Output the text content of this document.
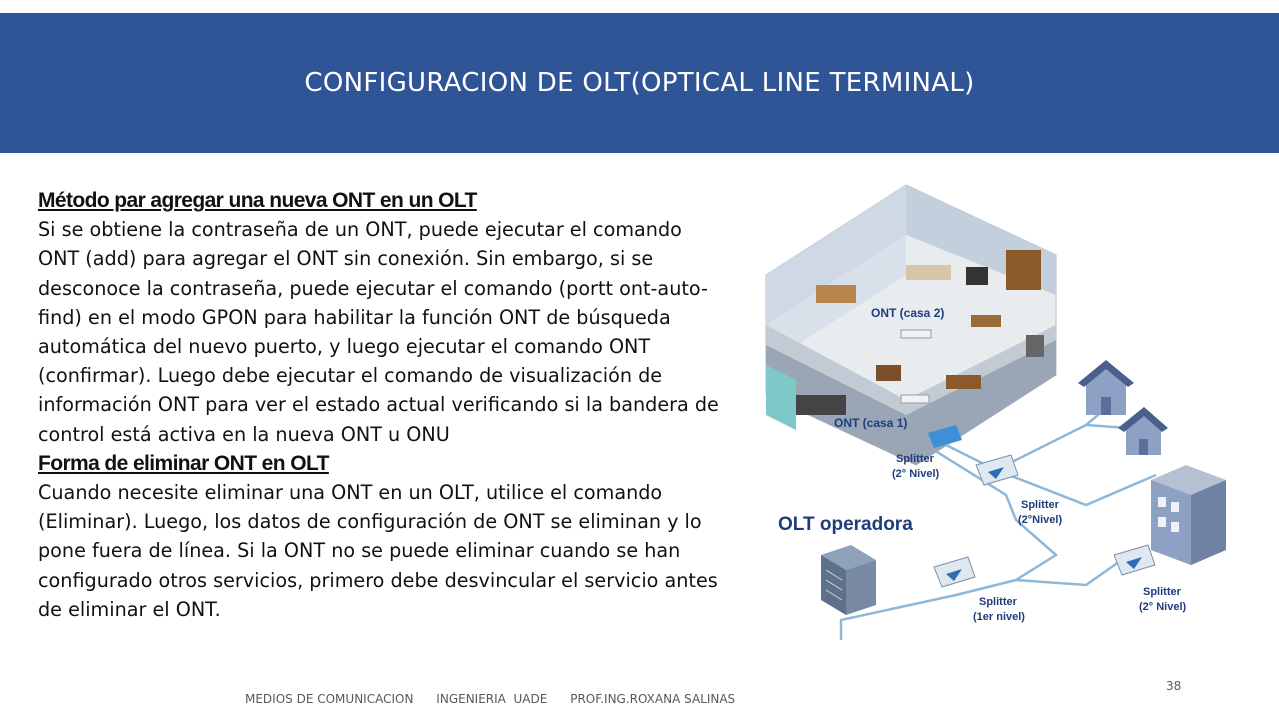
CONFIGURACION DE OLT(OPTICAL LINE TERMINAL)

Método par agregar una nueva ONT en un OLT

Si se obtiene la contraseña de un ONT, puede ejecutar el comando ONT (add) para agregar el ONT sin conexión. Sin embargo, si se desconoce la contraseña, puede ejecutar el comando (portt ont-auto-find) en el modo GPON para habilitar la función ONT de búsqueda automática del nuevo puerto, y luego ejecutar el comando ONT (confirmar). Luego debe ejecutar el comando de visualización de información ONT para ver el estado actual verificando si la bandera de control está activa en la nueva ONT u ONU

Forma de eliminar ONT en OLT

Cuando necesite eliminar una ONT en un OLT, utilice el comando (Eliminar). Luego, los datos de configuración de ONT se eliminan y lo pone fuera de línea. Si la ONT no se puede eliminar cuando se han configurado otros servicios, primero debe desvincular el servicio antes de eliminar el ONT.

ONT (casa 2)
ONT (casa 1)
Splitter
(2° Nivel)
Splitter
(2°Nivel)
Splitter
(1er nivel)
Splitter
(2° Nivel)
OLT operadora
38
MEDIOS DE COMUNICACION      INGENIERIA  UADE      PROF.ING.ROXANA SALINAS
